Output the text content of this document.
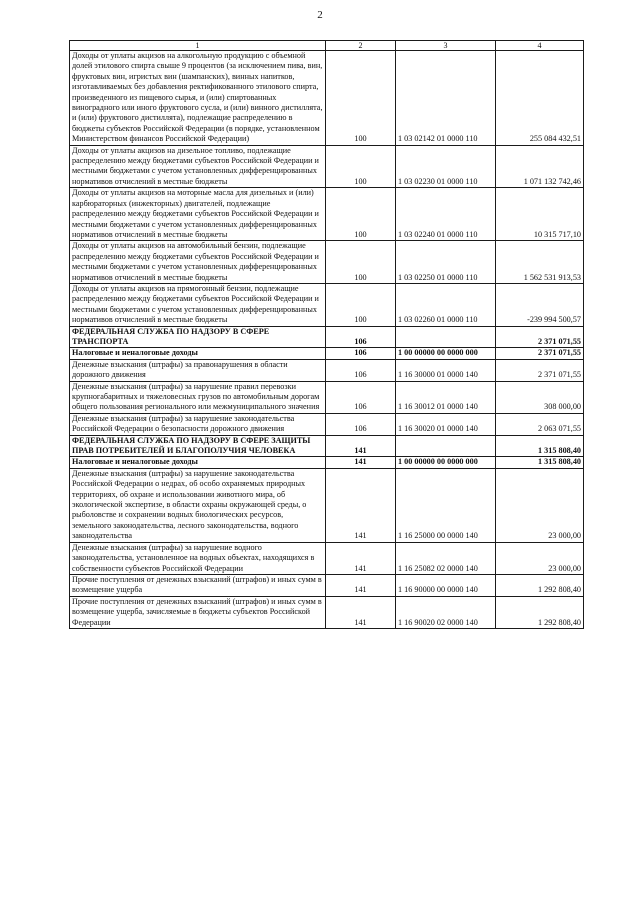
2
1	2	3	4
Доходы от уплаты акцизов на алкогольную продукцию с объемной долей этилового спирта свыше 9 процентов (за исключением пива, вин, фруктовых вин, игристых вин (шампанских), винных напитков, изготавливаемых без добавления ректификованного этилового спирта, произведенного из пищевого сырья, и (или) спиртованных виноградного или иного фруктового сусла, и (или) винного дистиллята, и (или) фруктового дистиллята), подлежащие распределению в бюджеты субъектов Российской Федерации (в порядке, установленном Министерством финансов Российской Федерации)	100	1 03 02142 01 0000 110	255 084 432,51
Доходы от уплаты акцизов на дизельное топливо, подлежащие распределению между бюджетами субъектов Российской Федерации и местными бюджетами с учетом установленных дифференцированных нормативов отчислений в местные бюджеты	100	1 03 02230 01 0000 110	1 071 132 742,46
Доходы от уплаты акцизов на моторные масла для дизельных и (или) карбюраторных (инжекторных) двигателей, подлежащие распределению между бюджетами субъектов Российской Федерации и местными бюджетами с учетом установленных дифференцированных нормативов отчислений в местные бюджеты	100	1 03 02240 01 0000 110	10 315 717,10
Доходы от уплаты акцизов на автомобильный бензин, подлежащие распределению между бюджетами субъектов Российской Федерации и местными бюджетами с учетом установленных дифференцированных нормативов отчислений в местные бюджеты	100	1 03 02250 01 0000 110	1 562 531 913,53
Доходы от уплаты акцизов на прямогонный бензин, подлежащие распределению между бюджетами субъектов Российской Федерации и местными бюджетами с учетом установленных дифференцированных нормативов отчислений в местные бюджеты	100	1 03 02260 01 0000 110	-239 994 500,57
ФЕДЕРАЛЬНАЯ СЛУЖБА ПО НАДЗОРУ В СФЕРЕ ТРАНСПОРТА	106		2 371 071,55
Налоговые и неналоговые доходы	106	1 00 00000 00 0000 000	2 371 071,55
Денежные взыскания (штрафы) за правонарушения в области дорожного движения	106	1 16 30000 01 0000 140	2 371 071,55
Денежные взыскания (штрафы) за нарушение правил перевозки крупногабаритных и тяжеловесных грузов по автомобильным дорогам общего пользования регионального или межмуниципального значения	106	1 16 30012 01 0000 140	308 000,00
Денежные взыскания (штрафы) за нарушение законодательства Российской Федерации о безопасности дорожного движения	106	1 16 30020 01 0000 140	2 063 071,55
ФЕДЕРАЛЬНАЯ СЛУЖБА ПО НАДЗОРУ В СФЕРЕ ЗАЩИТЫ ПРАВ ПОТРЕБИТЕЛЕЙ И БЛАГОПОЛУЧИЯ ЧЕЛОВЕКА	141		1 315 808,40
Налоговые и неналоговые доходы	141	1 00 00000 00 0000 000	1 315 808,40
Денежные взыскания (штрафы) за нарушение законодательства Российской Федерации о недрах, об особо охраняемых природных территориях, об охране и использовании животного мира, об экологической экспертизе, в области охраны окружающей среды, о рыболовстве и сохранении водных биологических ресурсов, земельного законодательства, лесного законодательства, водного законодательства	141	1 16 25000 00 0000 140	23 000,00
Денежные взыскания (штрафы) за нарушение водного законодательства, установленное на водных объектах, находящихся в собственности субъектов Российской Федерации	141	1 16 25082 02 0000 140	23 000,00
Прочие поступления от денежных взысканий (штрафов) и иных сумм в возмещение ущерба	141	1 16 90000 00 0000 140	1 292 808,40
Прочие поступления от денежных взысканий (штрафов) и иных сумм в возмещение ущерба, зачисляемые в бюджеты субъектов Российской Федерации	141	1 16 90020 02 0000 140	1 292 808,40
